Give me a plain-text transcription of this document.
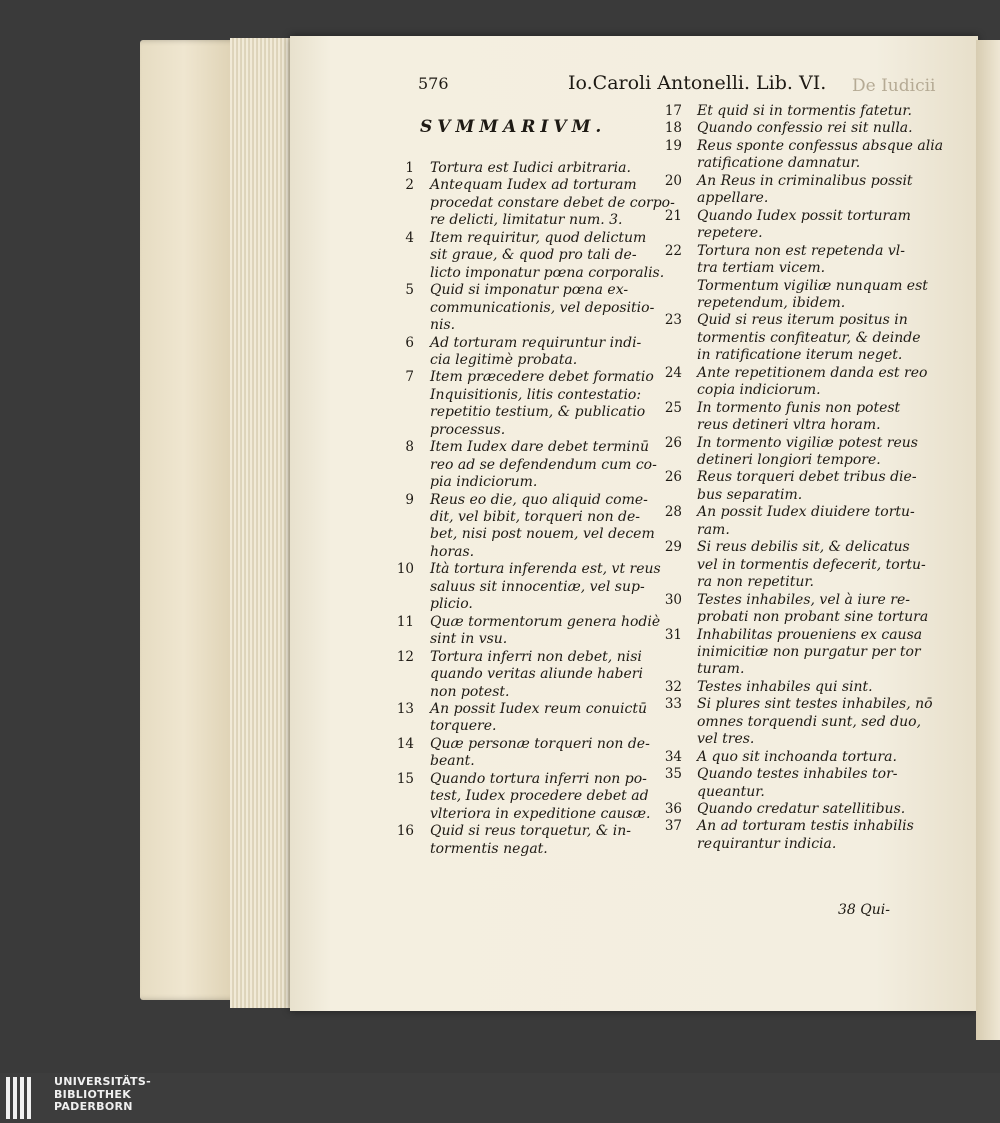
De Iudicii
576	Io.Caroli Antonelli. Lib. VI.
SVMMARIVM.
1 Tortura est Iudici arbitraria.
2 Antequam Iudex ad torturam
procedat constare debet de corpo-
re delicti, limitatur num. 3.
4 Item requiritur, quod delictum
sit graue, & quod pro tali de-
licto imponatur pœna corporalis.
5 Quid si imponatur pœna ex-
communicationis, vel depositio-
nis.
6 Ad torturam requiruntur indi-
cia legitimè probata.
7 Item præcedere debet formatio
Inquisitionis, litis contestatio:
repetitio testium, & publicatio
processus.
8 Item Iudex dare debet terminū
reo ad se defendendum cum co-
pia indiciorum.
9 Reus eo die, quo aliquid come-
dit, vel bibit, torqueri non de-
bet, nisi post nouem, vel decem
horas.
10 Ità tortura inferenda est, vt reus
saluus sit innocentiæ, vel sup-
plicio.
11 Quæ tormentorum genera hodiè
sint in vsu.
12 Tortura inferri non debet, nisi
quando veritas aliunde haberi
non potest.
13 An possit Iudex reum conuictū
torquere.
14 Quæ personæ torqueri non de-
beant.
15 Quando tortura inferri non po-
test, Iudex procedere debet ad
vlteriora in expeditione causæ.
16 Quid si reus torquetur, & in-
tormentis negat.
17 Et quid si in tormentis fatetur.
18 Quando confessio rei sit nulla.
19 Reus sponte confessus absque alia
ratificatione damnatur.
20 An Reus in criminalibus possit
appellare.
21 Quando Iudex possit torturam
repetere.
22 Tortura non est repetenda vl-
tra tertiam vicem.
Tormentum vigiliæ nunquam est
repetendum, ibidem.
23 Quid si reus iterum positus in
tormentis confiteatur, & deinde
in ratificatione iterum neget.
24 Ante repetitionem danda est reo
copia indiciorum.
25 In tormento funis non potest
reus detineri vltra horam.
26 In tormento vigiliæ potest reus
detineri longiori tempore.
26 Reus torqueri debet tribus die-
bus separatim.
28 An possit Iudex diuidere tortu-
ram.
29 Si reus debilis sit, & delicatus
vel in tormentis defecerit, tortu-
ra non repetitur.
30 Testes inhabiles, vel à iure re-
probati non probant sine tortura
31 Inhabilitas proueniens ex causa
inimicitiæ non purgatur per tor
turam.
32 Testes inhabiles qui sint.
33 Si plures sint testes inhabiles, nō
omnes torquendi sunt, sed duo,
vel tres.
34 A quo sit inchoanda tortura.
35 Quando testes inhabiles tor-
queantur.
36 Quando credatur satellitibus.
37 An ad torturam testis inhabilis
requirantur indicia.
38 Qui-
UNIVERSITÄTS-
BIBLIOTHEK
PADERBORN
